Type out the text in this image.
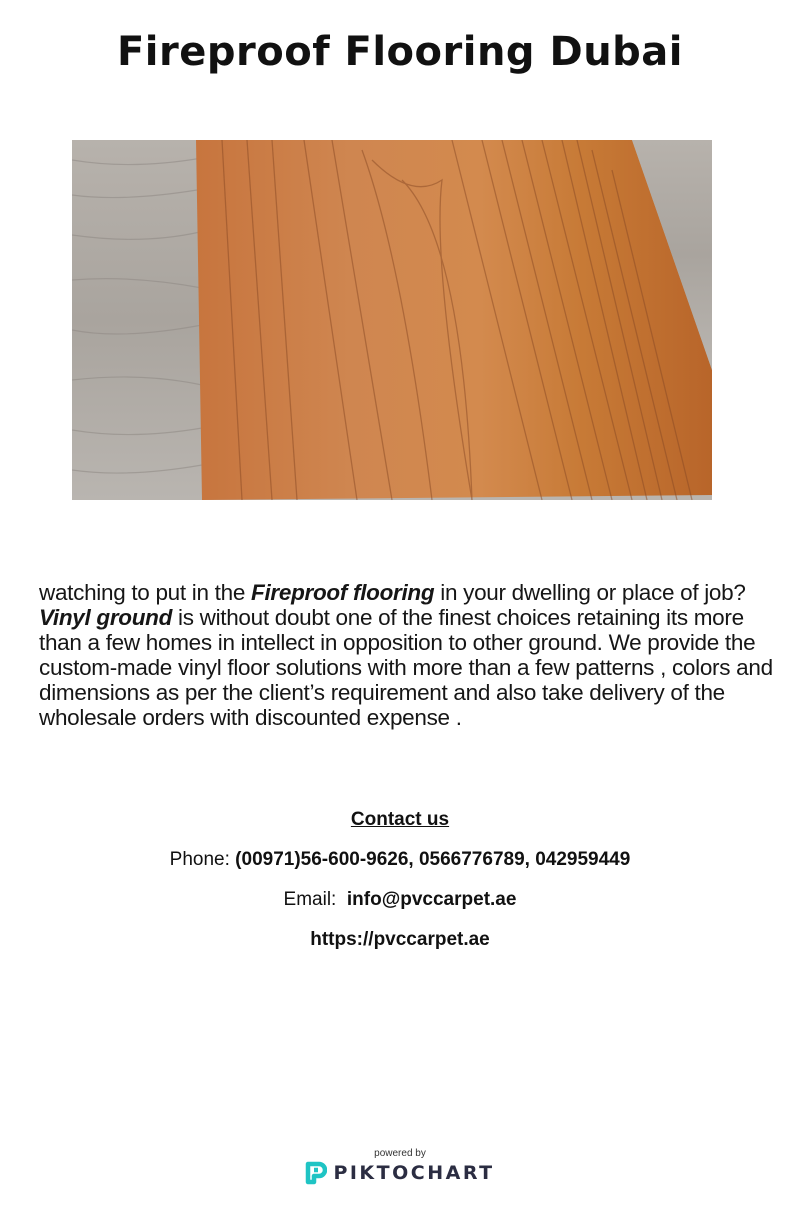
Fireproof Flooring Dubai

watching to put in the Fireproof flooring in your dwelling or place of job? Vinyl ground is without doubt one of the finest choices retaining its more than a few homes in intellect in opposition to other ground. We provide the custom-made vinyl floor solutions with more than a few patterns , colors and dimensions as per the client’s requirement and also take delivery of the wholesale orders with discounted expense .

Contact us
Phone: (00971)56-600-9626, 0566776789, 042959449
Email:  info@pvccarpet.ae
https://pvccarpet.ae
powered by
PIKTOCHART
